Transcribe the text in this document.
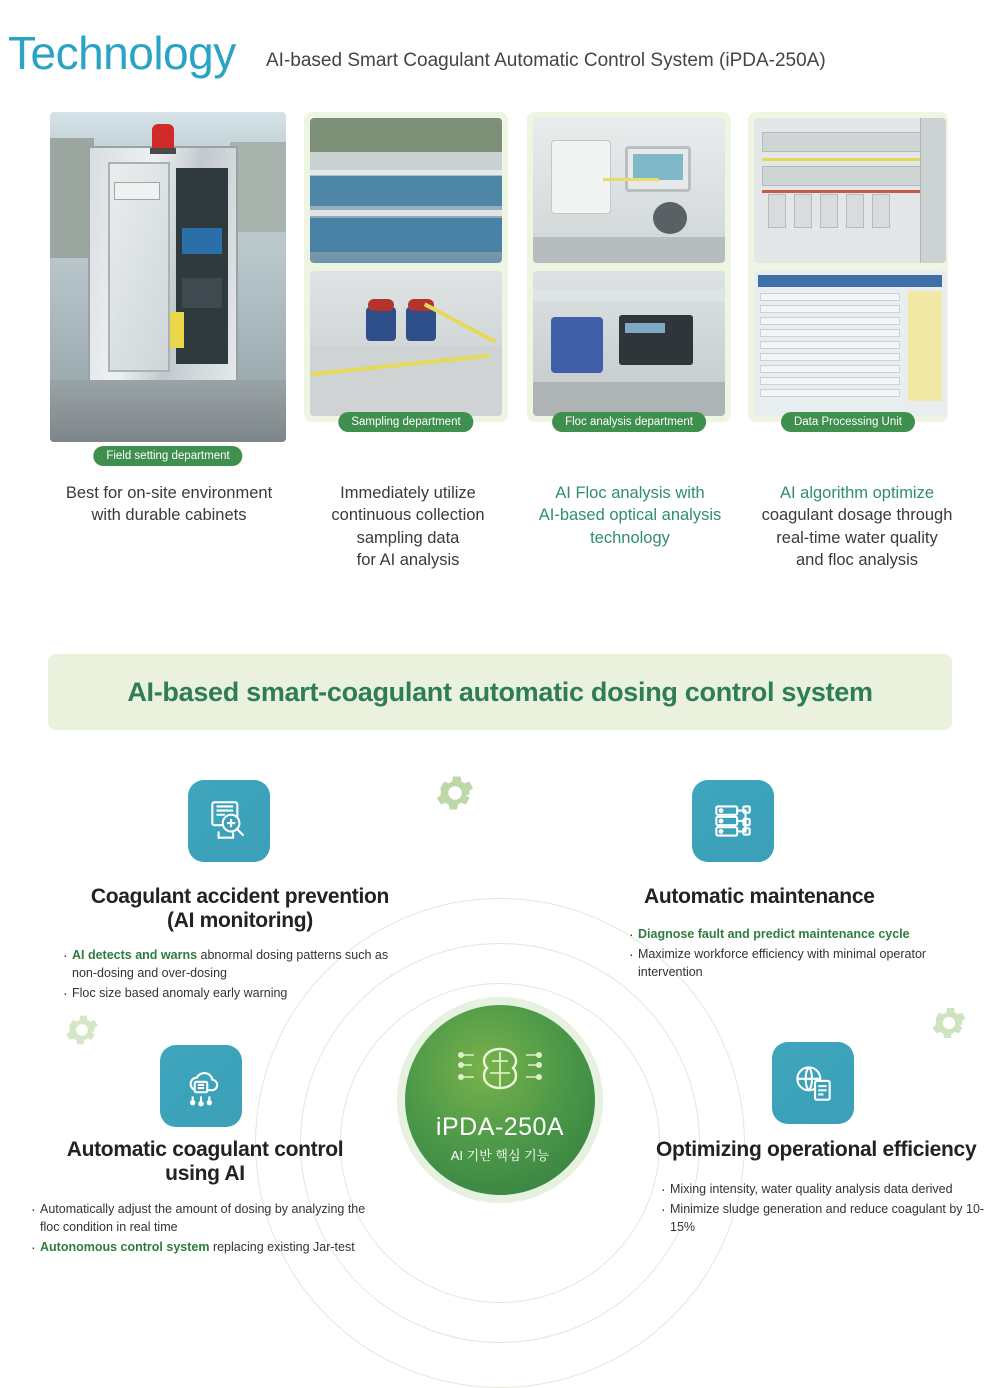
Technology AI-based Smart Coagulant Automatic Control System (iPDA-250A)
Field setting department
Sampling department	Floc analysis department	Data Processing Unit
Best for on-site environment
with durable cabinets
Immediately utilize
continuous collection
sampling data
for AI analysis
AI Floc analysis with
AI-based optical analysis
technology
AI algorithm optimize
coagulant dosage through
real-time water quality
and floc analysis
AI-based smart-coagulant automatic dosing control system
iPDA-250A
AI 기반 핵심 기능
Coagulant accident prevention
(AI monitoring)
· AI detects and warns abnormal dosing patterns such as non-dosing and over-dosing
· Floc size based anomaly early warning
Automatic maintenance
· Diagnose fault and predict maintenance cycle
· Maximize workforce efficiency with minimal operator intervention
Automatic coagulant control
using AI
· Automatically adjust the amount of dosing by analyzing the floc condition in real time
· Autonomous control system replacing existing Jar-test
Optimizing operational efficiency
· Mixing intensity, water quality analysis data derived
· Minimize sludge generation and reduce coagulant by 10-15%
